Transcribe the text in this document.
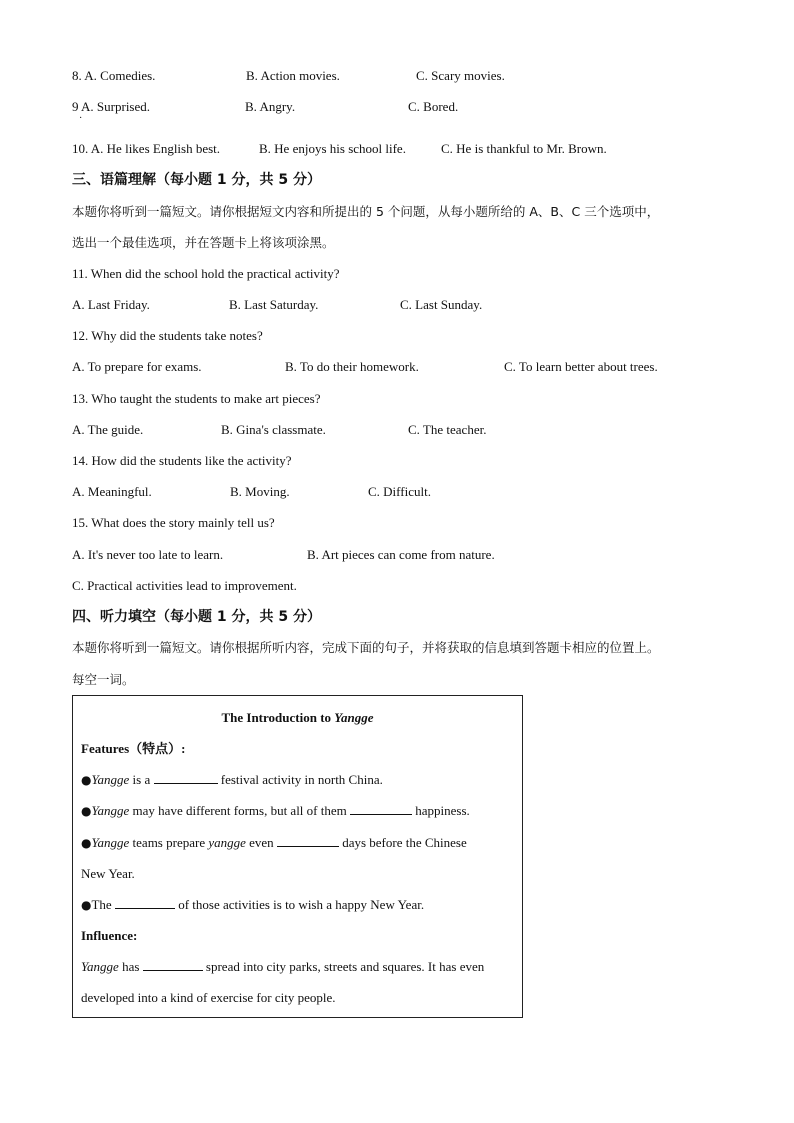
8. A. Comedies.	B. Action movies.	C. Scary movies.
9 A. Surprised.
·
B. Angry.	C. Bored.
10. A. He likes English best.	B. He enjoys his school life.	C. He is thankful to Mr. Brown.
三、语篇理解（每小题 1 分，共 5 分）
本题你将听到一篇短文。请你根据短文内容和所提出的 5 个问题，从每小题所给的 A、B、C 三个选项中，
选出一个最佳选项，并在答题卡上将该项涂黑。
11. When did the school hold the practical activity?
A. Last Friday.	B. Last Saturday.	C. Last Sunday.
12. Why did the students take notes?
A. To prepare for exams.	B. To do their homework.	C. To learn better about trees.
13. Who taught the students to make art pieces?
A. The guide.	B. Gina's classmate.	C. The teacher.
14. How did the students like the activity?
A. Meaningful.	B. Moving.	C. Difficult.
15. What does the story mainly tell us?
A. It's never too late to learn.	B. Art pieces can come from nature.
C. Practical activities lead to improvement.
四、听力填空（每小题 1 分，共 5 分）
本题你将听到一篇短文。请你根据所听内容，完成下面的句子，并将获取的信息填到答题卡相应的位置上。
每空一词。
The Introduction to Yangge
Features（特点）:
●Yangge is a	festival activity in north China.
●Yangge may have different forms, but all of them	happiness.
●Yangge teams prepare yangge even	days before the Chinese
New Year.
●The	of those activities is to wish a happy New Year.
Influence:
Yangge has	spread into city parks, streets and squares. It has even
developed into a kind of exercise for city people.
